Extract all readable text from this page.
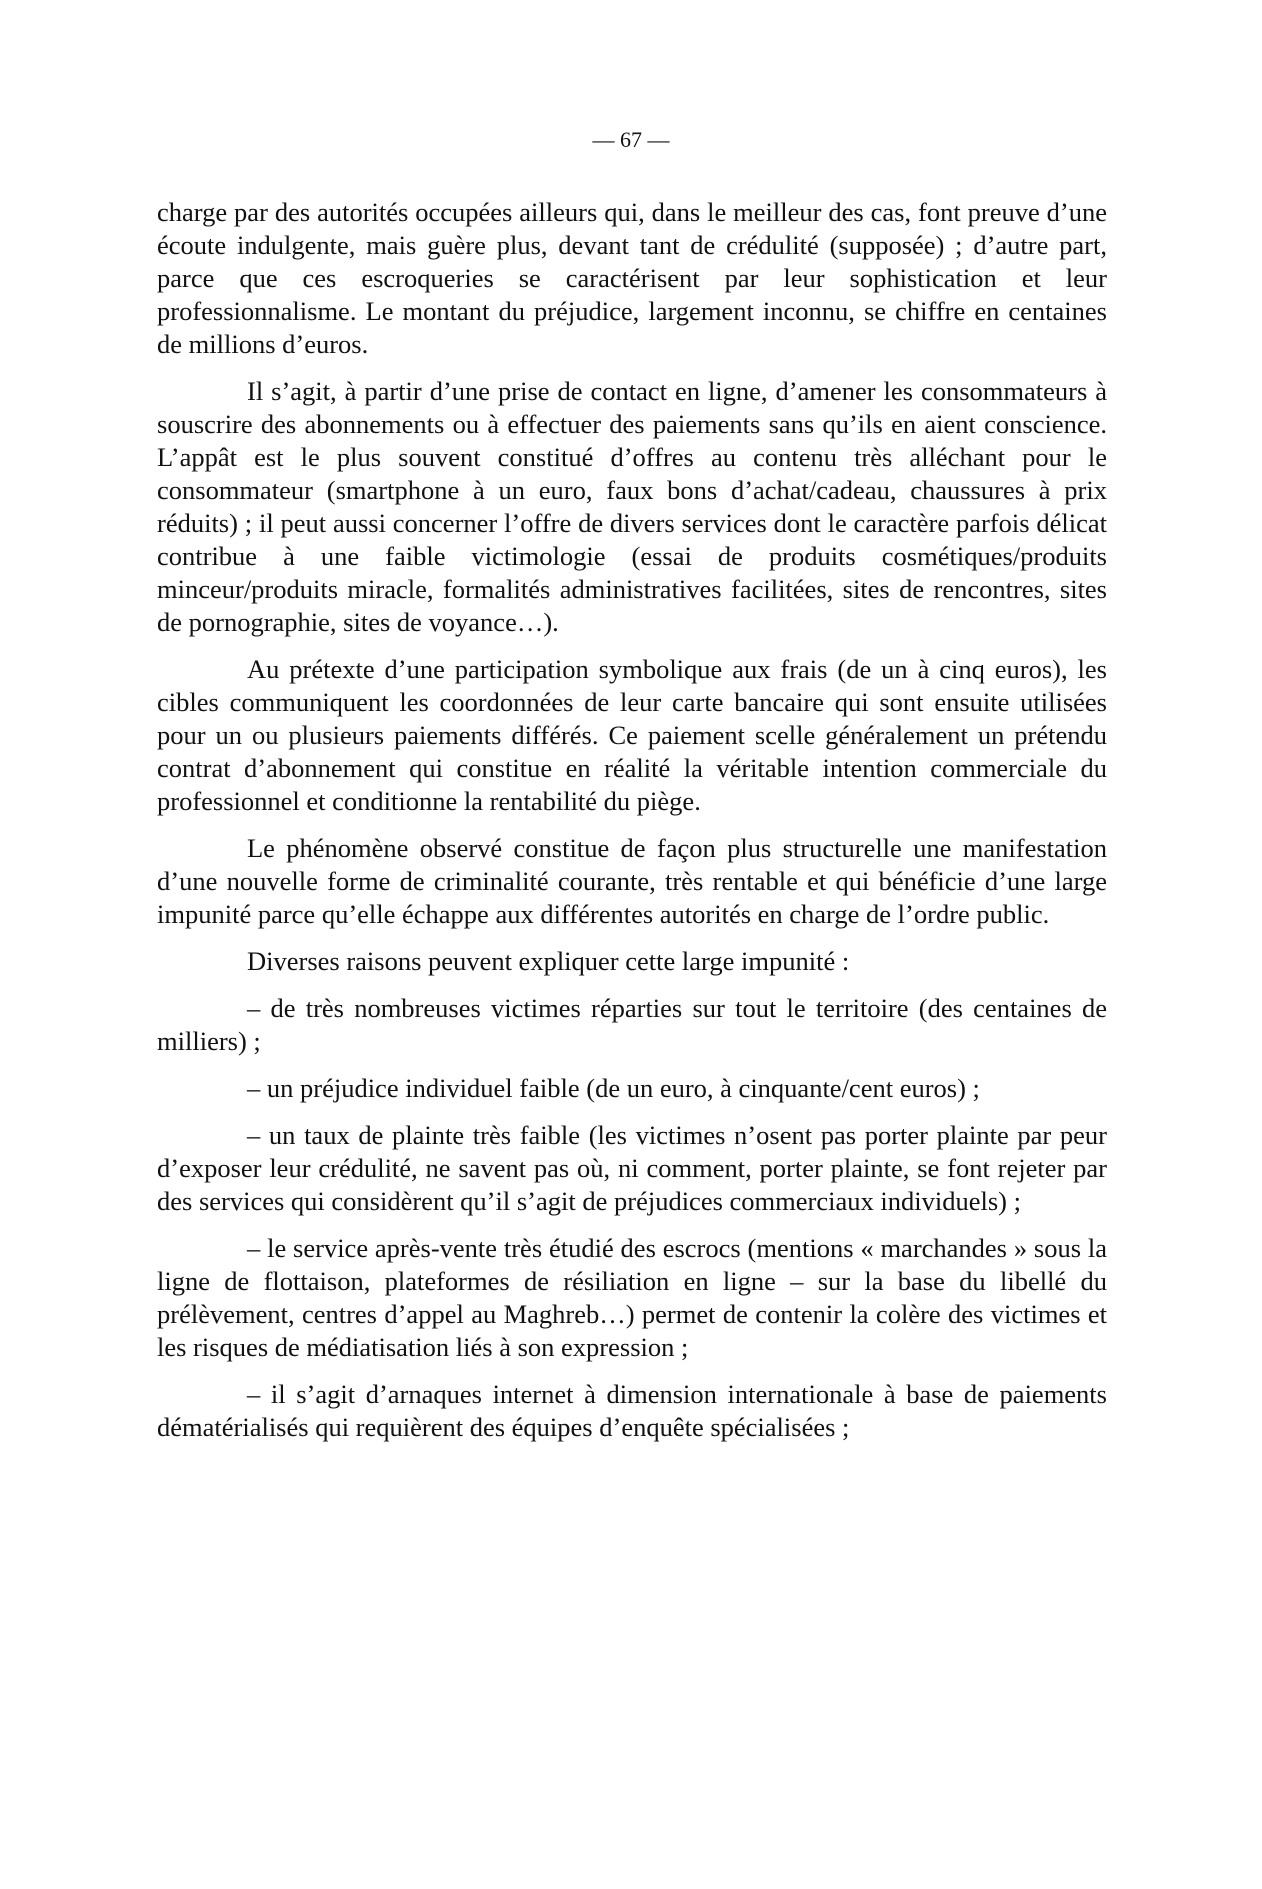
— 67 —

charge par des autorités occupées ailleurs qui, dans le meilleur des cas, font preuve d’une écoute indulgente, mais guère plus, devant tant de crédulité (supposée) ; d’autre part, parce que ces escroqueries se caractérisent par leur sophistication et leur professionnalisme. Le montant du préjudice, largement inconnu, se chiffre en centaines de millions d’euros.

Il s’agit, à partir d’une prise de contact en ligne, d’amener les consommateurs à souscrire des abonnements ou à effectuer des paiements sans qu’ils en aient conscience. L’appât est le plus souvent constitué d’offres au contenu très alléchant pour le consommateur (smartphone à un euro, faux bons d’achat/cadeau, chaussures à prix réduits) ; il peut aussi concerner l’offre de divers services dont le caractère parfois délicat contribue à une faible victimologie (essai de produits cosmétiques/produits minceur/produits miracle, formalités administratives facilitées, sites de rencontres, sites de pornographie, sites de voyance…).

Au prétexte d’une participation symbolique aux frais (de un à cinq euros), les cibles communiquent les coordonnées de leur carte bancaire qui sont ensuite utilisées pour un ou plusieurs paiements différés. Ce paiement scelle généralement un prétendu contrat d’abonnement qui constitue en réalité la véritable intention commerciale du professionnel et conditionne la rentabilité du piège.

Le phénomène observé constitue de façon plus structurelle une manifestation d’une nouvelle forme de criminalité courante, très rentable et qui bénéficie d’une large impunité parce qu’elle échappe aux différentes autorités en charge de l’ordre public.

Diverses raisons peuvent expliquer cette large impunité :

– de très nombreuses victimes réparties sur tout le territoire (des centaines de milliers) ;

– un préjudice individuel faible (de un euro, à cinquante/cent euros) ;

– un taux de plainte très faible (les victimes n’osent pas porter plainte par peur d’exposer leur crédulité, ne savent pas où, ni comment, porter plainte, se font rejeter par des services qui considèrent qu’il s’agit de préjudices commerciaux individuels) ;

– le service après-vente très étudié des escrocs (mentions « marchandes » sous la ligne de flottaison, plateformes de résiliation en ligne – sur la base du libellé du prélèvement, centres d’appel au Maghreb…) permet de contenir la colère des victimes et les risques de médiatisation liés à son expression ;

– il s’agit d’arnaques internet à dimension internationale à base de paiements dématérialisés qui requièrent des équipes d’enquête spécialisées ;
